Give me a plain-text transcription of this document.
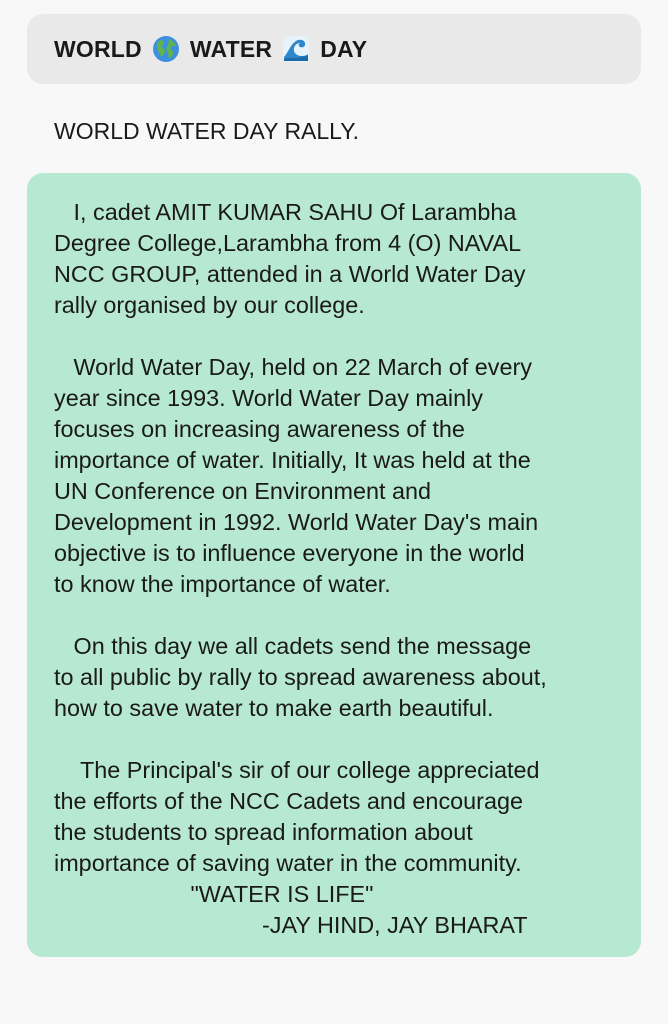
WORLD WATER DAY
WORLD WATER DAY RALLY.

I, cadet AMIT KUMAR SAHU Of Larambha
Degree College,Larambha from 4 (O) NAVAL
NCC GROUP, attended in a World Water Day
rally organised by our college.

World Water Day, held on 22 March of every
year since 1993. World Water Day mainly
focuses on increasing awareness of the
importance of water. Initially, It was held at the
UN Conference on Environment and
Development in 1992. World Water Day's main
objective is to influence everyone in the world
to know the importance of water.

On this day we all cadets send the message
to all public by rally to spread awareness about,
how to save water to make earth beautiful.

The Principal's sir of our college appreciated
the efforts of the NCC Cadets and encourage
the students to spread information about
importance of saving water in the community.
"WATER IS LIFE"
-JAY HIND, JAY BHARAT
